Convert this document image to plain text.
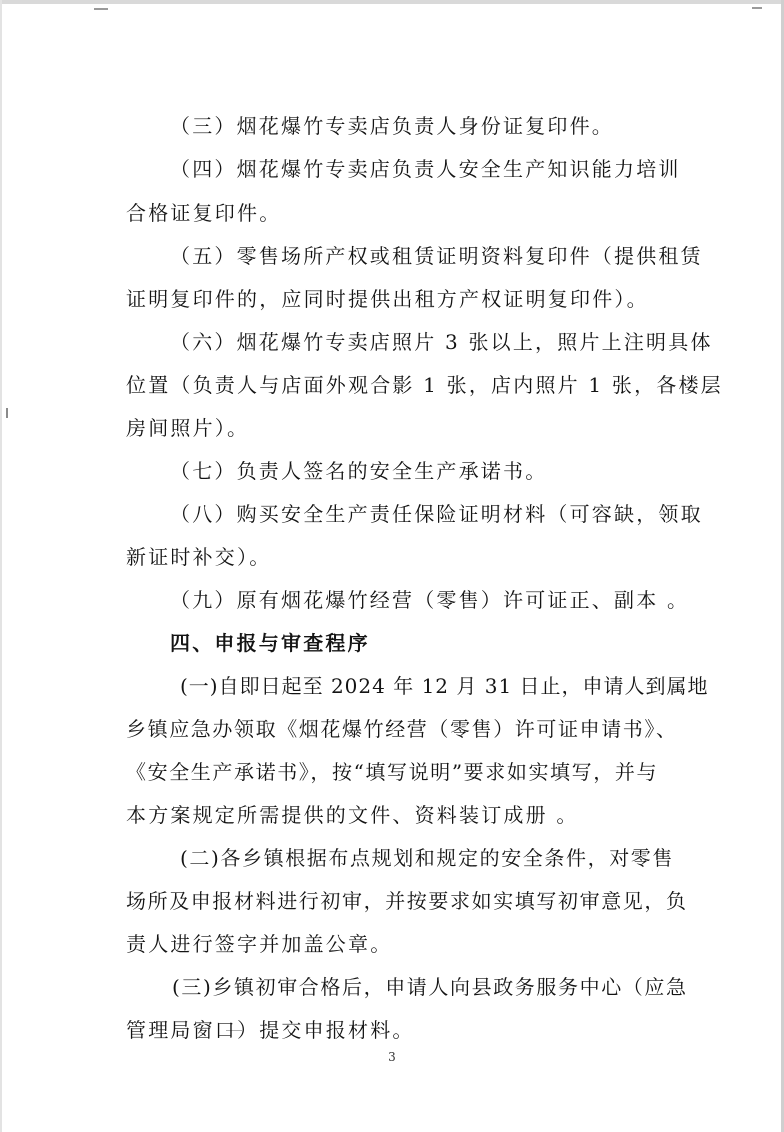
（三）烟花爆竹专卖店负责人身份证复印件。
（四）烟花爆竹专卖店负责人安全生产知识能力培训
合格证复印件。
（五）零售场所产权或租赁证明资料复印件（提供租赁
证明复印件的，应同时提供出租方产权证明复印件）。
（六）烟花爆竹专卖店照片 3 张以上，照片上注明具体
位置（负责人与店面外观合影 1 张，店内照片 1 张，各楼层
房间照片）。
（七）负责人签名的安全生产承诺书。
（八）购买安全生产责任保险证明材料（可容缺，领取
新证时补交）。
（九）原有烟花爆竹经营（零售）许可证正、副本 。
四、申报与审查程序
(一)自即日起至 2024 年 12 月 31 日止，申请人到属地
乡镇应急办领取《烟花爆竹经营（零售）许可证申请书》、
《安全生产承诺书》，按“填写说明”要求如实填写，并与
本方案规定所需提供的文件、资料装订成册 。
(二)各乡镇根据布点规划和规定的安全条件，对零售
场所及申报材料进行初审，并按要求如实填写初审意见，负
责人进行签字并加盖公章。
(三)乡镇初审合格后，申请人向县政务服务中心（应急
管理局窗口）提交申报材料。
3
